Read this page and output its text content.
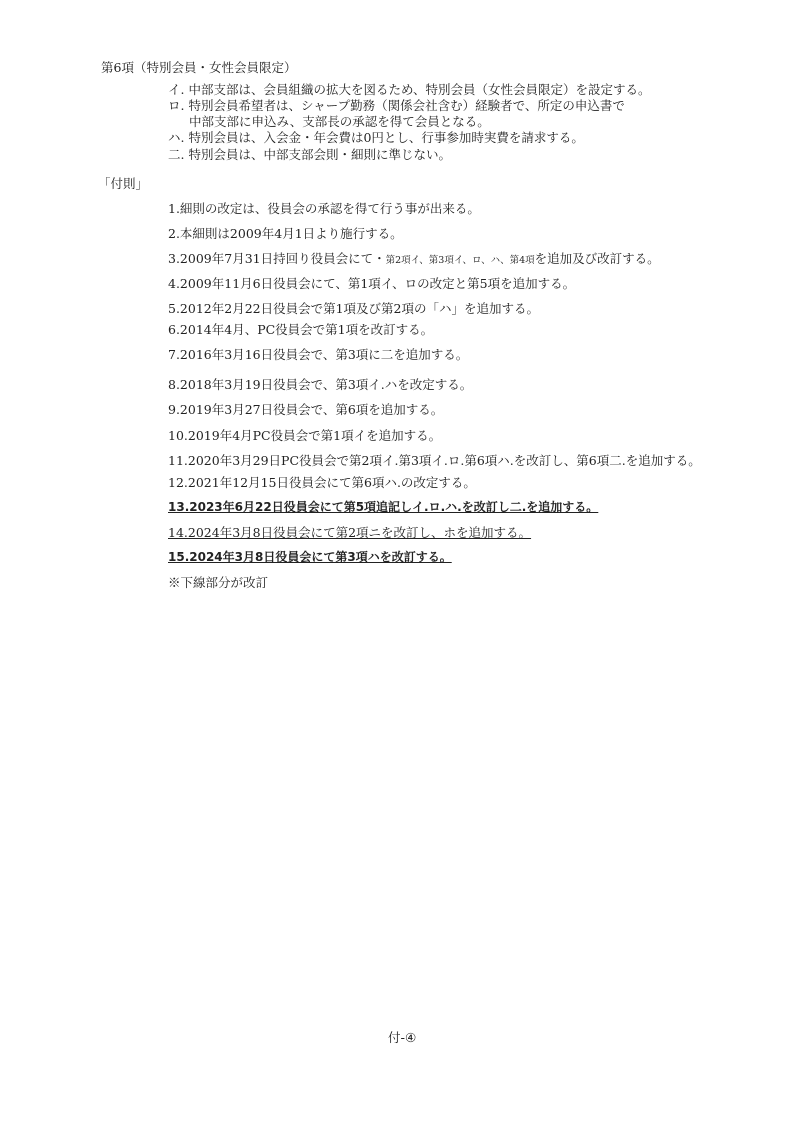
第6項（特別会員・女性会員限定）
イ. 中部支部は、会員組織の拡大を図るため、特別会員（女性会員限定）を設定する。
ロ. 特別会員希望者は、シャープ勤務（関係会社含む）経験者で、所定の申込書で
中部支部に申込み、支部長の承認を得て会員となる。
ハ. 特別会員は、入会金・年会費は0円とし、行事参加時実費を請求する。
二. 特別会員は、中部支部会則・細則に準じない。
「付則」
1.細則の改定は、役員会の承認を得て行う事が出来る。
2.本細則は2009年4月1日より施行する。
3.2009年7月31日持回り役員会にて・第2項イ、第3項イ、ロ、ハ、第4項を追加及び改訂する。
4.2009年11月6日役員会にて、第1項イ、ロの改定と第5項を追加する。
5.2012年2月22日役員会で第1項及び第2項の「ハ」を追加する。
6.2014年4月、PC役員会で第1項を改訂する。
7.2016年3月16日役員会で、第3項に二を追加する。
8.2018年3月19日役員会で、第3項イ.ハを改定する。
9.2019年3月27日役員会で、第6項を追加する。
10.2019年4月PC役員会で第1項イを追加する。
11.2020年3月29日PC役員会で第2項イ.第3項イ.ロ.第6項ハ.を改訂し、第6項二.を追加する。
12.2021年12月15日役員会にて第6項ハ.の改定する。
13.2023年6月22日役員会にて第5項追記しイ.ロ.ハ.を改訂し二.を追加する。
14.2024年3月8日役員会にて第2項ニを改訂し、ホを追加する。
15.2024年3月8日役員会にて第3項ハを改訂する。
※下線部分が改訂
付-④
